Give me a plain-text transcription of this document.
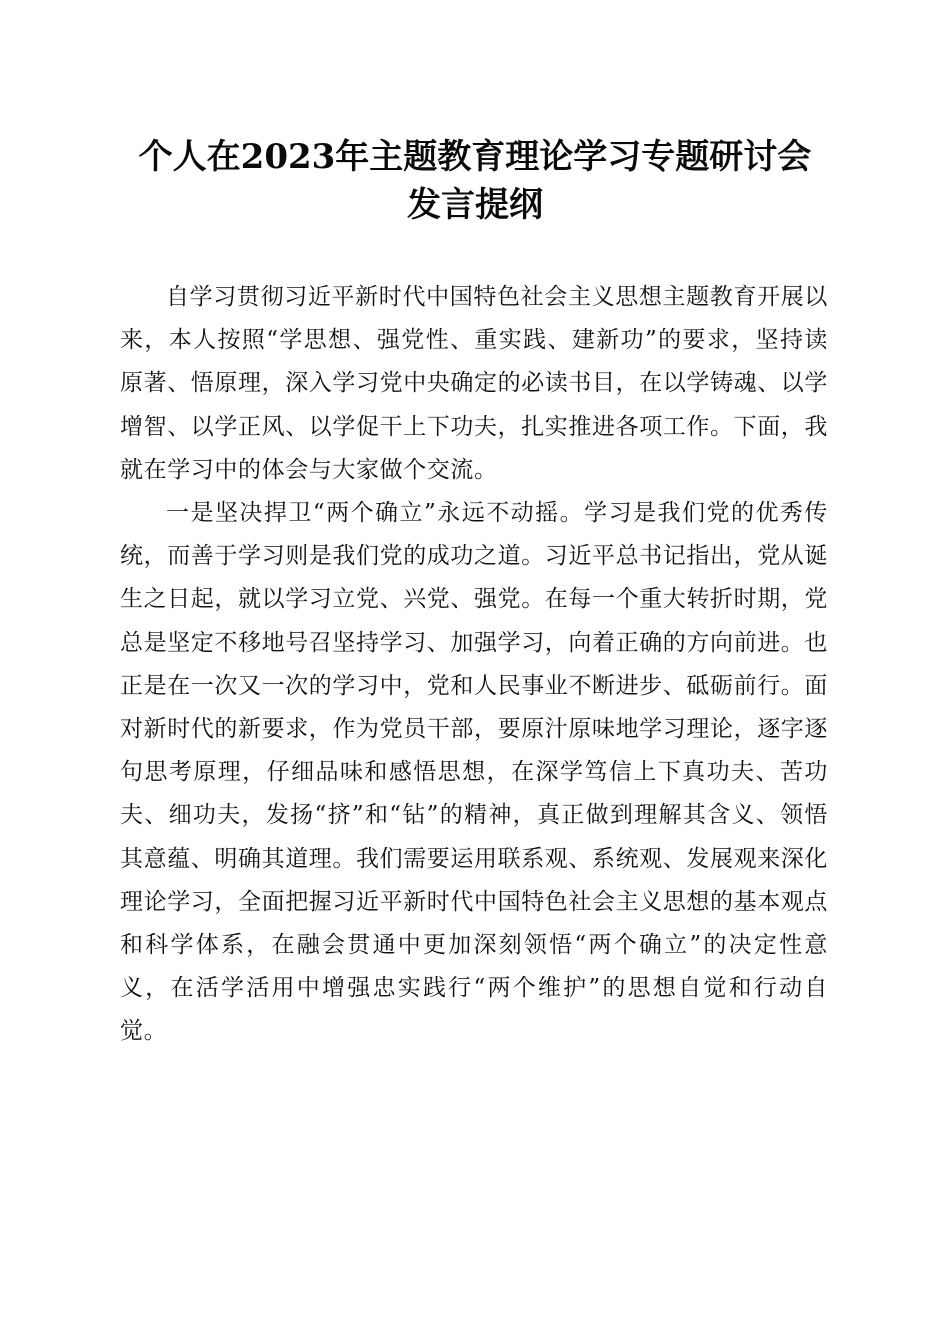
个人在2023年主题教育理论学习专题研讨会
发言提纲

自学习贯彻习近平新时代中国特色社会主义思想主题教育开展以来，本人按照“学思想、强党性、重实践、建新功”的要求，坚持读原著、悟原理，深入学习党中央确定的必读书目，在以学铸魂、以学增智、以学正风、以学促干上下功夫，扎实推进各项工作。下面，我就在学习中的体会与大家做个交流。

一是坚决捍卫“两个确立”永远不动摇。学习是我们党的优秀传统，而善于学习则是我们党的成功之道。习近平总书记指出，党从诞生之日起，就以学习立党、兴党、强党。在每一个重大转折时期，党总是坚定不移地号召坚持学习、加强学习，向着正确的方向前进。也正是在一次又一次的学习中，党和人民事业不断进步、砥砺前行。面对新时代的新要求，作为党员干部，要原汁原味地学习理论，逐字逐句思考原理，仔细品味和感悟思想，在深学笃信上下真功夫、苦功夫、细功夫，发扬“挤”和“钻”的精神，真正做到理解其含义、领悟其意蕴、明确其道理。我们需要运用联系观、系统观、发展观来深化理论学习，全面把握习近平新时代中国特色社会主义思想的基本观点和科学体系，在融会贯通中更加深刻领悟“两个确立”的决定性意义，在活学活用中增强忠实践行“两个维护”的思想自觉和行动自觉。
